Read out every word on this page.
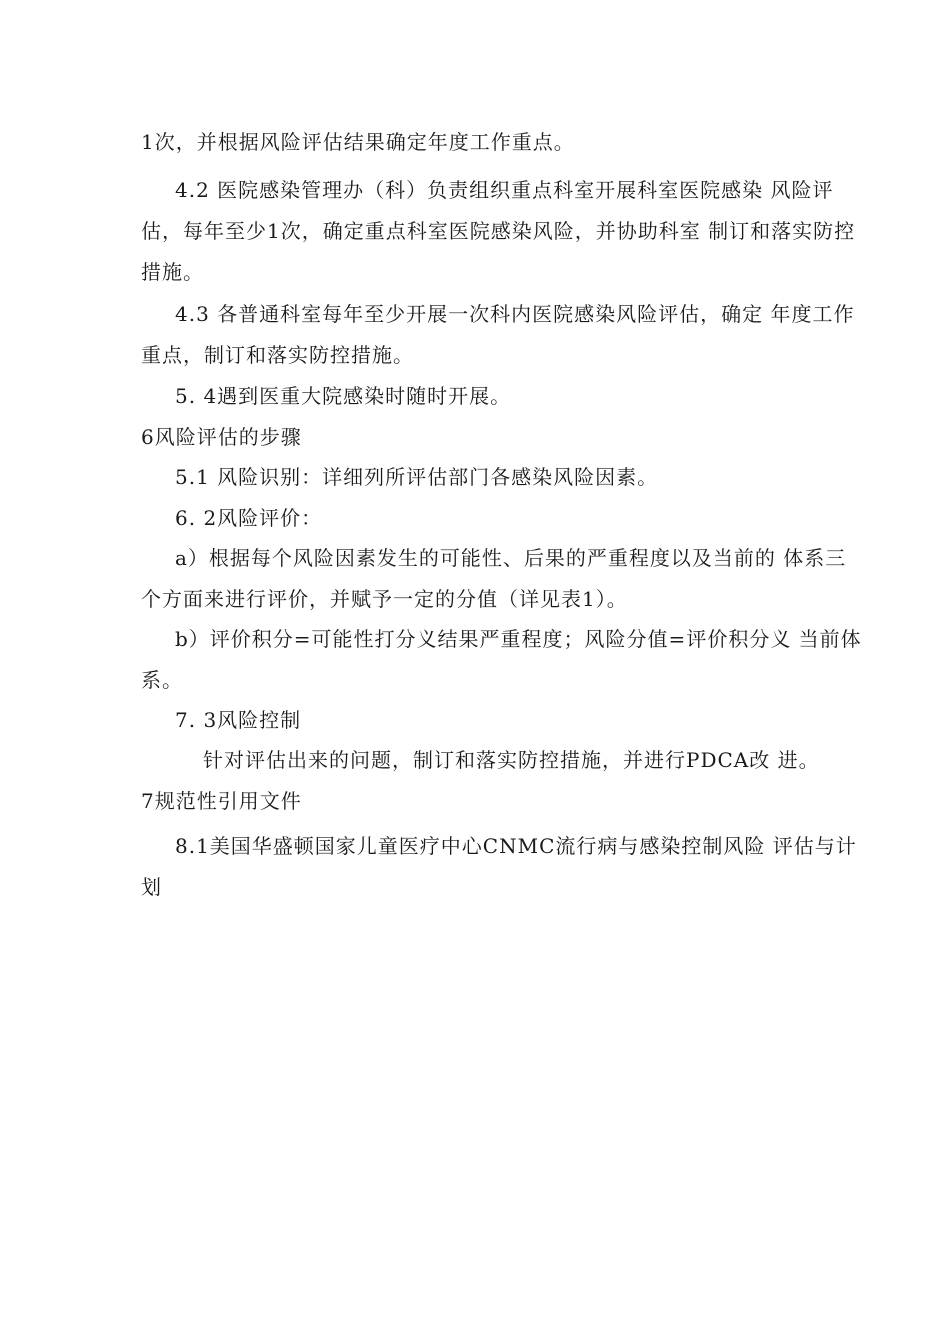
1次，并根据风险评估结果确定年度工作重点。

4.2 医院感染管理办（科）负责组织重点科室开展科室医院感染 风险评估，每年至少1次，确定重点科室医院感染风险，并协助科室 制订和落实防控措施。

4.3 各普通科室每年至少开展一次科内医院感染风险评估，确定 年度工作重点，制订和落实防控措施。

5. 4遇到医重大院感染时随时开展。

6风险评估的步骤

5.1 风险识别：详细列所评估部门各感染风险因素。

6. 2风险评价：

a）根据每个风险因素发生的可能性、后果的严重程度以及当前的 体系三个方面来进行评价，并赋予一定的分值（详见表1）。

b）评价积分=可能性打分义结果严重程度；风险分值=评价积分义 当前体系。

7. 3风险控制

针对评估出来的问题，制订和落实防控措施，并进行PDCA改 进。

7规范性引用文件

8.1美国华盛顿国家儿童医疗中心CNMC流行病与感染控制风险 评估与计划
